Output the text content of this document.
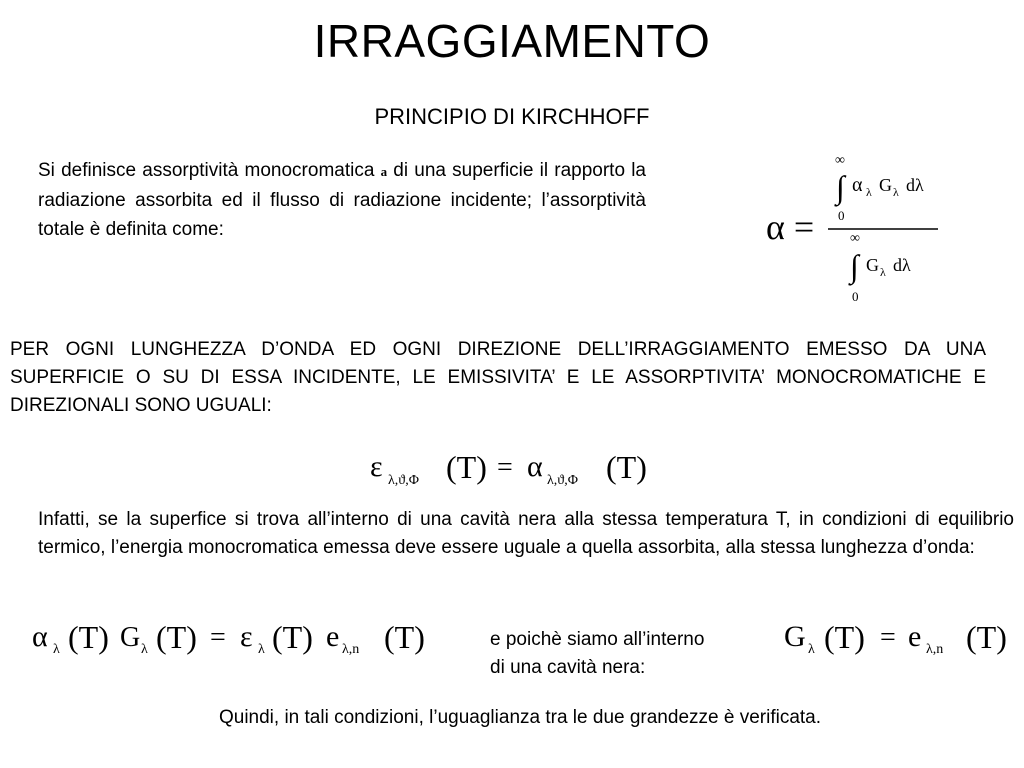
IRRAGGIAMENTO
PRINCIPIO DI KIRCHHOFF
Si definisce assorptività monocromatica a di una superficie il rapporto la radiazione assorbita ed il flusso di radiazione incidente; l’assorptività totale è definita come:	α =
∞
∫
0
α λ G λ dλ
∞
∫
0
G λ dλ
PER OGNI LUNGHEZZA D’ONDA ED OGNI DIREZIONE DELL’IRRAGGIAMENTO EMESSO DA UNA SUPERFICIE O SU DI ESSA INCIDENTE, LE EMISSIVITA’ E LE ASSORPTIVITA’ MONOCROMATICHE E DIREZIONALI SONO UGUALI:
ε λ,ϑ,Φ (T) = α λ,ϑ,Φ (T)
Infatti, se la superfice si trova all’interno di una cavità nera alla stessa temperatura T, in condizioni di equilibrio termico, l’energia monocromatica emessa deve essere uguale a quella assorbita, alla stessa lunghezza d’onda:
α λ (T) G λ (T) = ε λ (T) e λ,n (T)	e poichè siamo all’interno
di una cavità nera:
G λ (T) = e λ,n (T)
Quindi, in tali condizioni, l’uguaglianza tra le due grandezze è verificata.
